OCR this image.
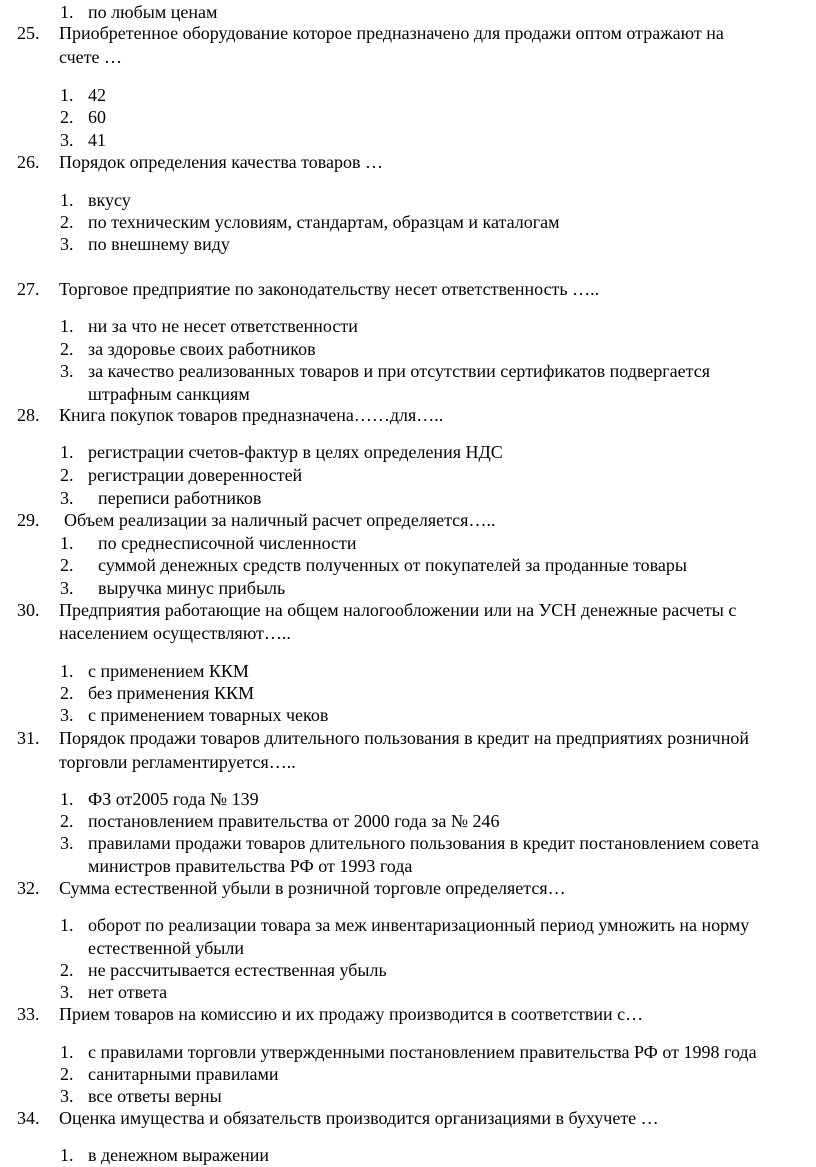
1. по любым ценам
25. Приобретенное оборудование которое предназначено для продажи оптом отражают на
счете …
1. 42
2. 60
3. 41
26. Порядок определения качества товаров …
1. вкусу
2. по техническим условиям, стандартам, образцам и каталогам
3. по внешнему виду
27. Торговое предприятие по законодательству несет ответственность …..
1. ни за что не несет ответственности
2. за здоровье своих работников
3. за качество реализованных товаров и при отсутствии сертификатов подвергается
штрафным санкциям
28. Книга покупок товаров предназначена……для…..
1. регистрации счетов-фактур в целях определения НДС
2. регистрации доверенностей
3. переписи работников
29. Объем реализации за наличный расчет определяется…..
1. по среднесписочной численности
2. суммой денежных средств полученных от покупателей за проданные товары
3. выручка минус прибыль
30. Предприятия работающие на общем налогообложении или на УСН денежные расчеты с
населением осуществляют…..
1. с применением ККМ
2. без применения ККМ
3. с применением товарных чеков
31. Порядок продажи товаров длительного пользования в кредит на предприятиях розничной
торговли регламентируется…..
1. ФЗ от2005 года № 139
2. постановлением правительства от 2000 года за № 246
3. правилами продажи товаров длительного пользования в кредит постановлением совета
министров правительства РФ от 1993 года
32. Сумма естественной убыли в розничной торговле определяется…
1. оборот по реализации товара за меж инвентаризационный период умножить на норму
естественной убыли
2. не рассчитывается естественная убыль
3. нет ответа
33. Прием товаров на комиссию и их продажу производится в соответствии с…
1. с правилами торговли утвержденными постановлением правительства РФ от 1998 года
2. санитарными правилами
3. все ответы верны
34. Оценка имущества и обязательств производится организациями в бухучете …
1. в денежном выражении
